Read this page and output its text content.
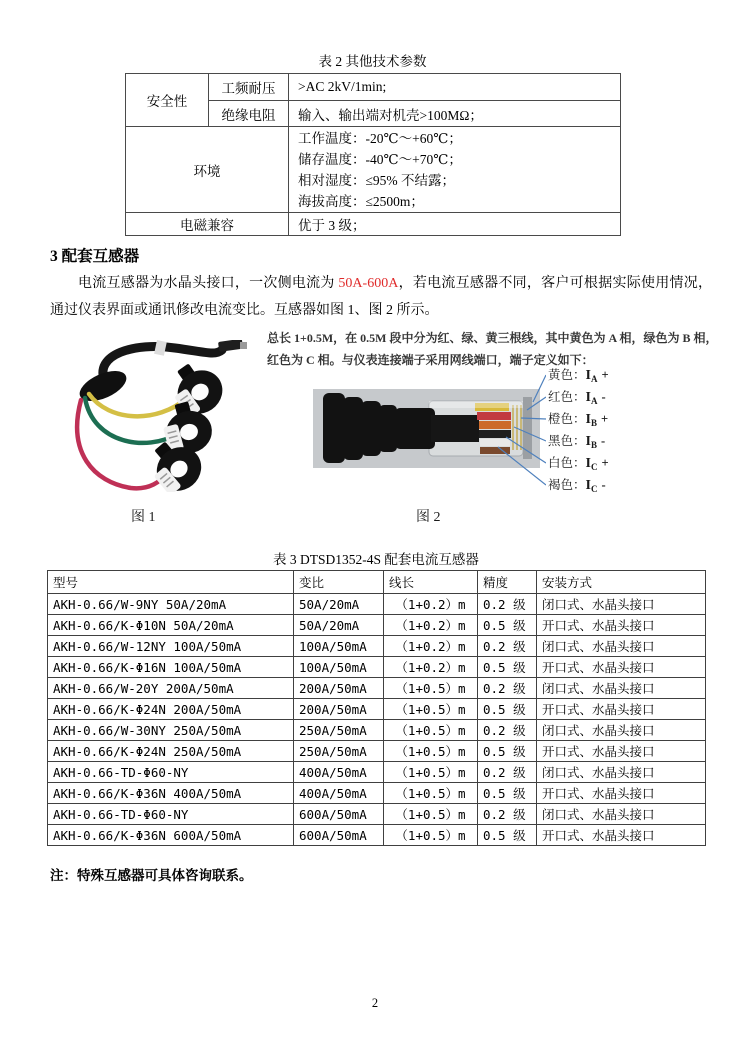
表 2 其他技术参数
安全性	工频耐压	>AC 2kV/1min;
	绝缘电阻	输入、输出端对机壳>100MΩ；
环境		工作温度：-20℃～+60℃；
储存温度：-40℃～+70℃；
相对湿度：≤95% 不结露；
海拔高度：≤2500m；

电磁兼容		优于 3 级；
3 配套互感器
电流互感器为水晶头接口，一次侧电流为 50A-600A，若电流互感器不同，客户可根据实际使用情况，通过仪表界面或通讯修改电流变比。互感器如图 1、图 2 所示。
总长 1+0.5M，在 0.5M 段中分为红、绿、黄三根线，其中黄色为 A 相，绿色为 B 相，红色为 C 相。与仪表连接端子采用网线端口，端子定义如下：
黄色：$I_A$ +
红色：$I_A$ -
橙色：$I_B$ +
黑色：$I_B$ -
白色：$I_C$ +
褐色：$I_C$ -
图 1	图 2
表 3 DTSD1352-4S 配套电流互感器
型号	变比	线长	精度	安装方式
AKH-0.66/W-9NY 50A/20mA	50A/20mA	（1+0.2）m	0.2 级	闭口式、水晶头接口
AKH-0.66/K-Φ10N 50A/20mA	50A/20mA	（1+0.2）m	0.5 级	开口式、水晶头接口
AKH-0.66/W-12NY 100A/50mA	100A/50mA	（1+0.2）m	0.2 级	闭口式、水晶头接口
AKH-0.66/K-Φ16N 100A/50mA	100A/50mA	（1+0.2）m	0.5 级	开口式、水晶头接口
AKH-0.66/W-20Y 200A/50mA	200A/50mA	（1+0.5）m	0.2 级	闭口式、水晶头接口
AKH-0.66/K-Φ24N 200A/50mA	200A/50mA	（1+0.5）m	0.5 级	开口式、水晶头接口
AKH-0.66/W-30NY 250A/50mA	250A/50mA	（1+0.5）m	0.2 级	闭口式、水晶头接口
AKH-0.66/K-Φ24N 250A/50mA	250A/50mA	（1+0.5）m	0.5 级	开口式、水晶头接口
AKH-0.66-TD-Φ60-NY	400A/50mA	（1+0.5）m	0.2 级	闭口式、水晶头接口
AKH-0.66/K-Φ36N 400A/50mA	400A/50mA	（1+0.5）m	0.5 级	开口式、水晶头接口
AKH-0.66-TD-Φ60-NY	600A/50mA	（1+0.5）m	0.2 级	闭口式、水晶头接口
AKH-0.66/K-Φ36N 600A/50mA	600A/50mA	（1+0.5）m	0.5 级	开口式、水晶头接口
注：特殊互感器可具体咨询联系。
2
